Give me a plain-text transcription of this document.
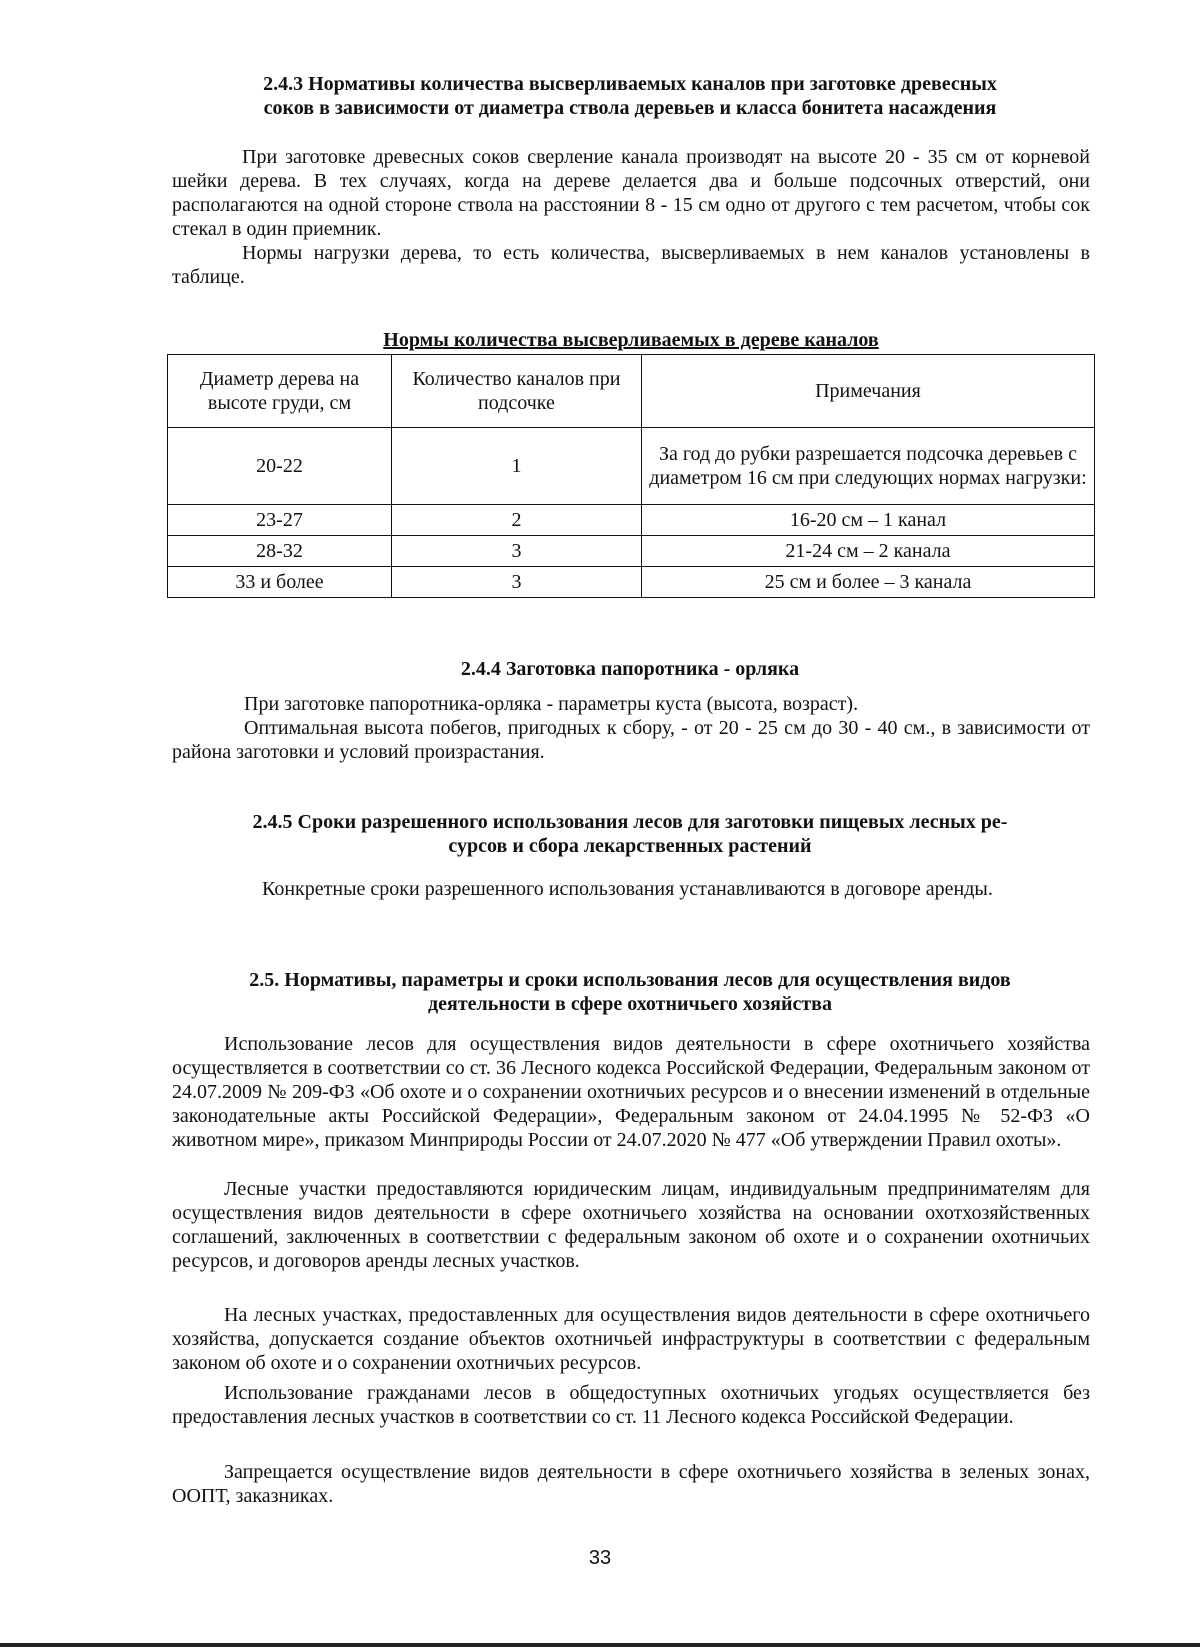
2.4.3 Нормативы количества высверливаемых каналов при заготовке древесных
соков в зависимости от диаметра ствола деревьев и класса бонитета насаждения
При заготовке древесных соков сверление канала производят на высоте 20 - 35 см от корневой шейки дерева. В тех случаях, когда на дереве делается два и больше подсочных отверстий, они располагаются на одной стороне ствола на расстоянии 8 - 15 см одно от другого с тем расчетом, чтобы сок стекал в один приемник.
Нормы нагрузки дерева, то есть количества, высверливаемых в нем каналов установлены в таблице.
Нормы количества высверливаемых в дереве каналов
Диаметр дерева на высоте груди, см	Количество каналов при подсочке	Примечания
20-22	1	За год до рубки разрешается подсочка деревьев с диаметром 16 см при следующих нормах нагрузки:
23-27	2	16-20 см – 1 канал
28-32	3	21-24 см – 2 канала
33 и более	3	25 см и более – 3 канала
2.4.4 Заготовка папоротника - орляка
При заготовке папоротника-орляка - параметры куста (высота, возраст).
Оптимальная высота побегов, пригодных к сбору, - от 20 - 25 см до 30 - 40 см., в зависимости от района заготовки и условий произрастания.
2.4.5 Сроки разрешенного использования лесов для заготовки пищевых лесных ре-
сурсов и сбора лекарственных растений
Конкретные сроки разрешенного использования устанавливаются в договоре аренды.
2.5. Нормативы, параметры и сроки использования лесов для осуществления видов
деятельности в сфере охотничьего хозяйства
Использование лесов для осуществления видов деятельности в сфере охотничьего хозяйства осуществляется в соответствии со ст. 36 Лесного кодекса Российской Федерации, Федеральным законом от 24.07.2009 № 209-ФЗ «Об охоте и о сохранении охотничьих ресурсов и о внесении изменений в отдельные законодательные акты Российской Федерации», Федеральным законом от 24.04.1995 № 52-ФЗ «О животном мире», приказом Минприроды России от 24.07.2020 № 477 «Об утверждении Правил охоты».
Лесные участки предоставляются юридическим лицам, индивидуальным предпринимателям для осуществления видов деятельности в сфере охотничьего хозяйства на основании охотхозяйственных соглашений, заключенных в соответствии с федеральным законом об охоте и о сохранении охотничьих ресурсов, и договоров аренды лесных участков.
На лесных участках, предоставленных для осуществления видов деятельности в сфере охотничьего хозяйства, допускается создание объектов охотничьей инфраструктуры в соответствии с федеральным законом об охоте и о сохранении охотничьих ресурсов.
Использование гражданами лесов в общедоступных охотничьих угодьях осуществляется без предоставления лесных участков в соответствии со ст. 11 Лесного кодекса Российской Федерации.
Запрещается осуществление видов деятельности в сфере охотничьего хозяйства в зеленых зонах, ООПТ, заказниках.
33
